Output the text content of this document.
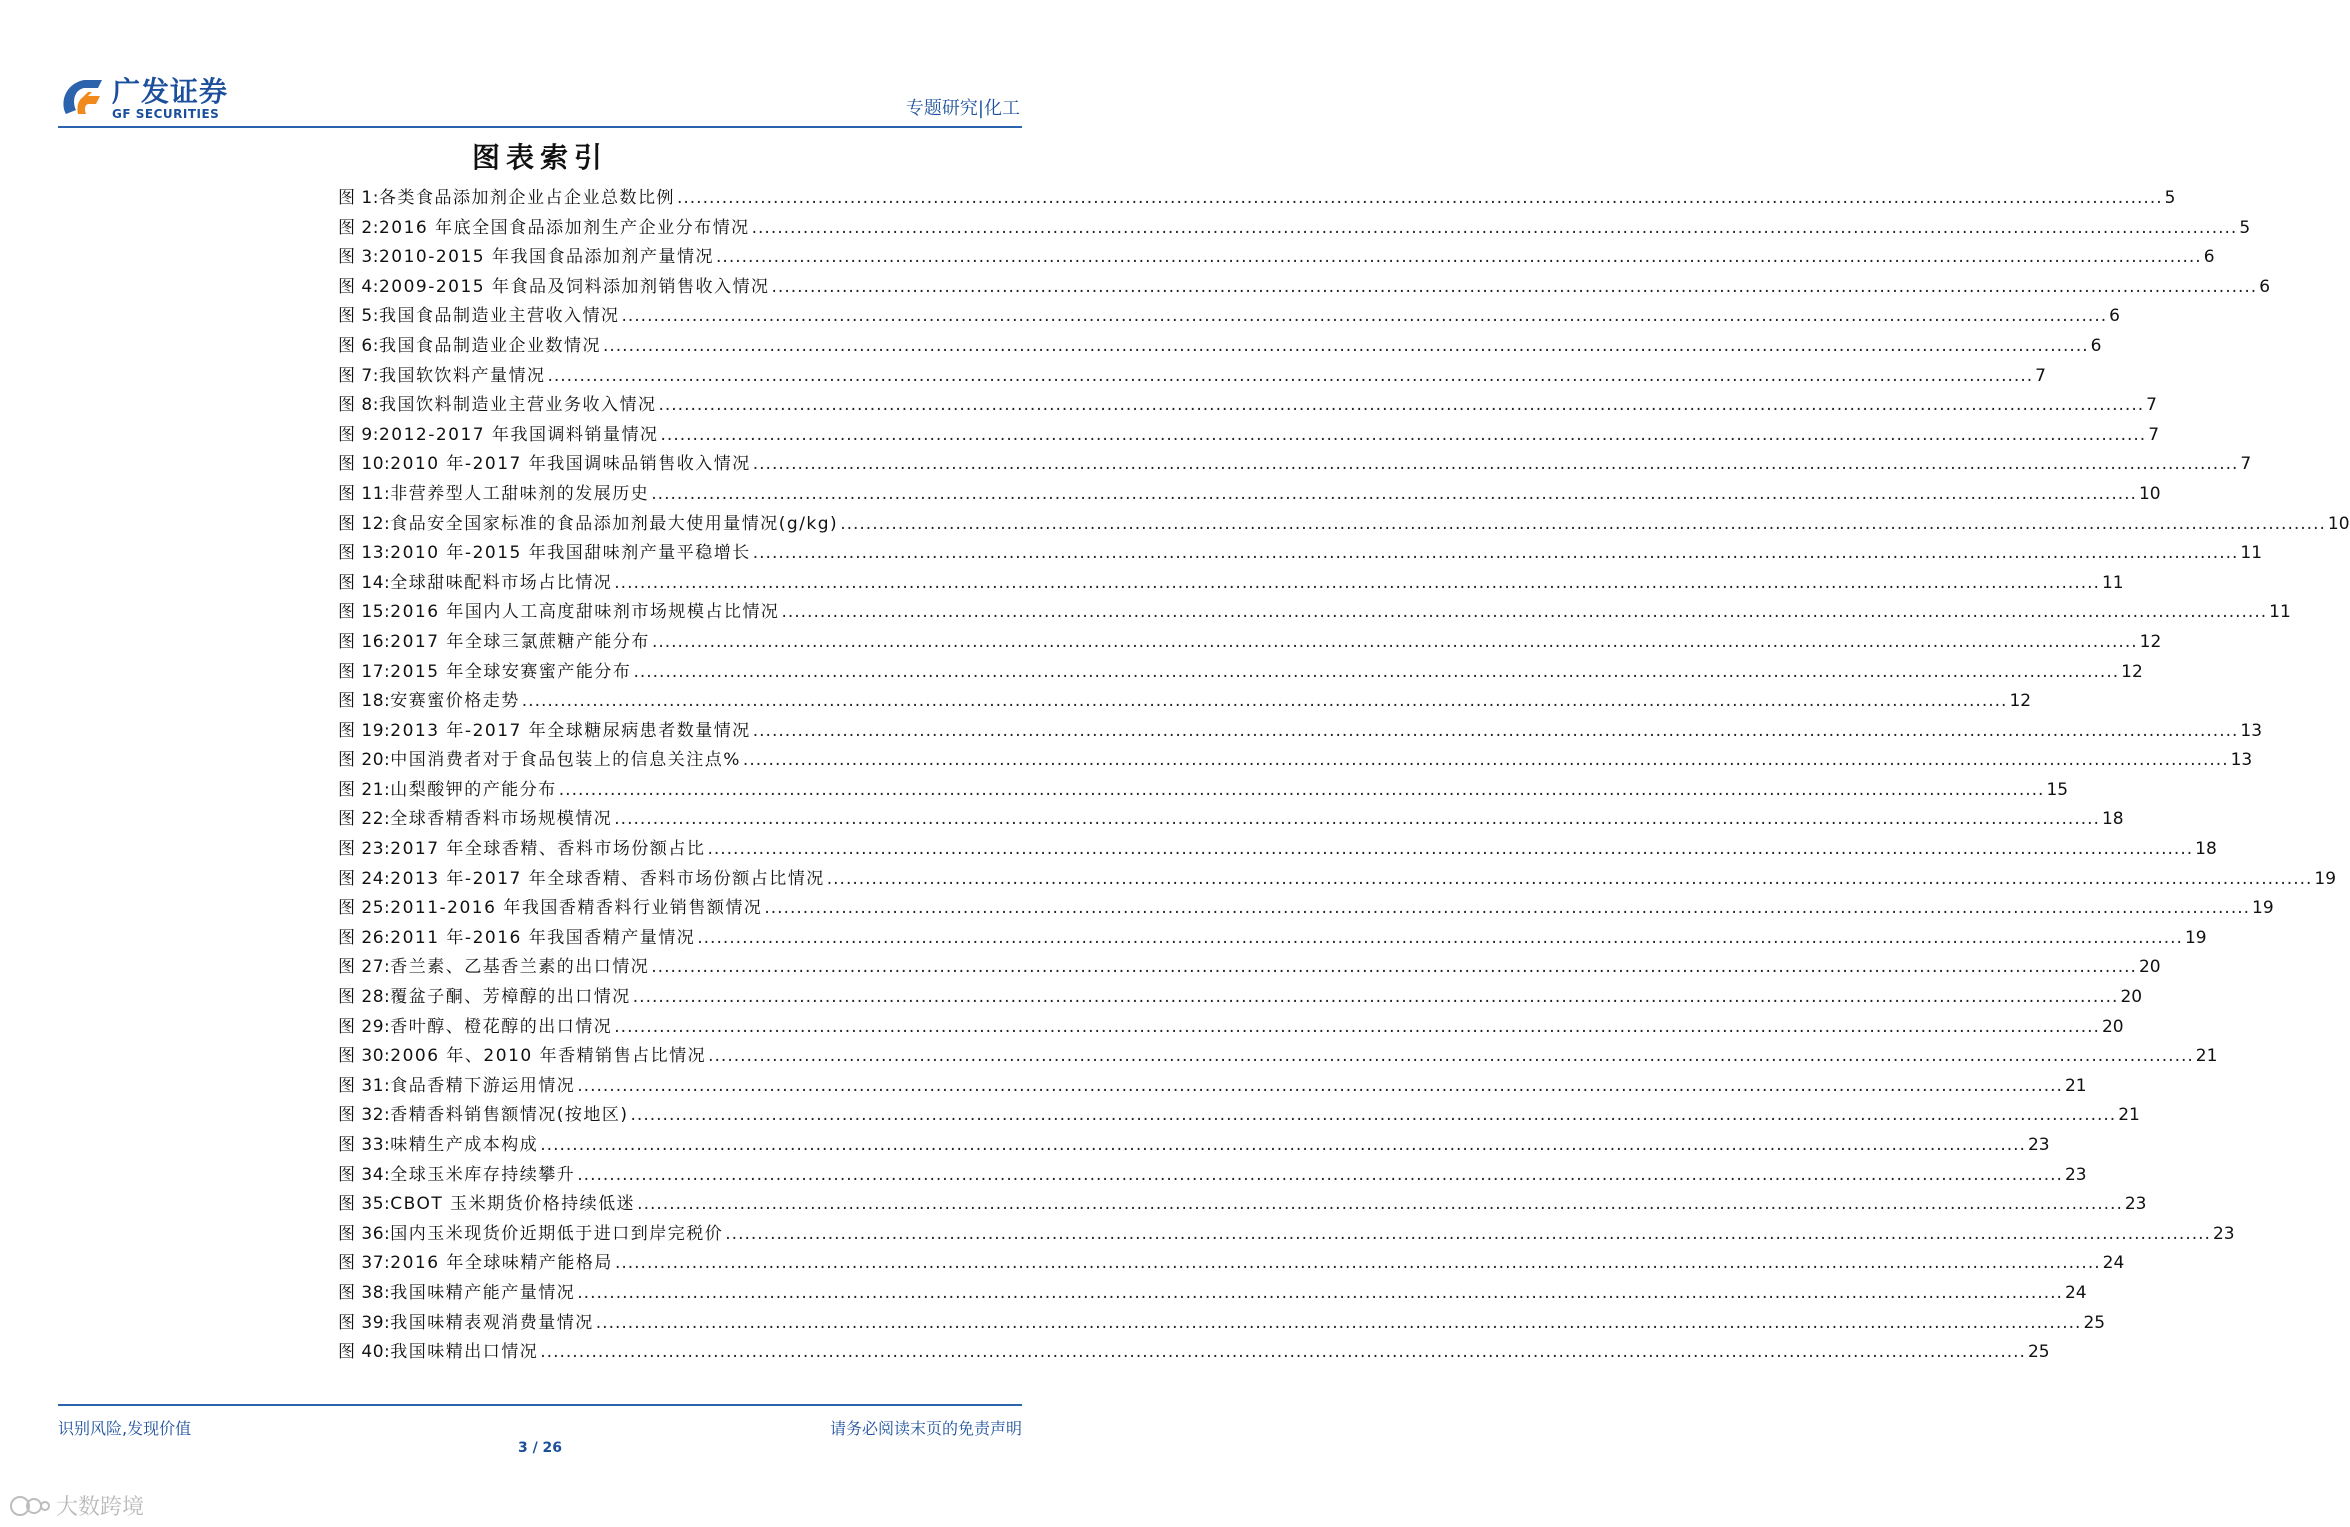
广发证券
GF SECURITIES	专题研究|化工
图表索引
图 1: 各类食品添加剂企业占企业总数比例 .....	5
图 2: 2016 年底全国食品添加剂生产企业分布情况 .....	5
图 3: 2010-2015 年我国食品添加剂产量情况 .....	6
图 4: 2009-2015 年食品及饲料添加剂销售收入情况 .....	6
图 5: 我国食品制造业主营收入情况 .....	6
图 6: 我国食品制造业企业数情况 .....	6
图 7: 我国软饮料产量情况 .....	7
图 8: 我国饮料制造业主营业务收入情况 .....	7
图 9: 2012-2017 年我国调料销量情况 .....	7
图 10: 2010 年-2017 年我国调味品销售收入情况 .....	7
图 11: 非营养型人工甜味剂的发展历史 .....	10
图 12: 食品安全国家标准的食品添加剂最大使用量情况(g/kg) .....	10
图 13: 2010 年-2015 年我国甜味剂产量平稳增长 .....	11
图 14: 全球甜味配料市场占比情况 .....	11
图 15: 2016 年国内人工高度甜味剂市场规模占比情况 .....	11
图 16: 2017 年全球三氯蔗糖产能分布 .....	12
图 17: 2015 年全球安赛蜜产能分布 .....	12
图 18: 安赛蜜价格走势 .....	12
图 19: 2013 年-2017 年全球糖尿病患者数量情况 .....	13
图 20: 中国消费者对于食品包装上的信息关注点% .....	13
图 21: 山梨酸钾的产能分布 .....	15
图 22: 全球香精香料市场规模情况 .....	18
图 23: 2017 年全球香精、香料市场份额占比 .....	18
图 24: 2013 年-2017 年全球香精、香料市场份额占比情况 .....	19
图 25: 2011-2016 年我国香精香料行业销售额情况 .....	19
图 26: 2011 年-2016 年我国香精产量情况 .....	19
图 27: 香兰素、乙基香兰素的出口情况 .....	20
图 28: 覆盆子酮、芳樟醇的出口情况 .....	20
图 29: 香叶醇、橙花醇的出口情况 .....	20
图 30: 2006 年、2010 年香精销售占比情况 .....	21
图 31: 食品香精下游运用情况 .....	21
图 32: 香精香料销售额情况(按地区) .....	21
图 33: 味精生产成本构成 .....	23
图 34: 全球玉米库存持续攀升 .....	23
图 35: CBOT 玉米期货价格持续低迷 .....	23
图 36: 国内玉米现货价近期低于进口到岸完税价 .....	23
图 37: 2016 年全球味精产能格局 .....	24
图 38: 我国味精产能产量情况 .....	24
图 39: 我国味精表观消费量情况 .....	25
图 40: 我国味精出口情况 .....	25
识别风险,发现价值	请务必阅读末页的免责声明
3 / 26
大数跨境
